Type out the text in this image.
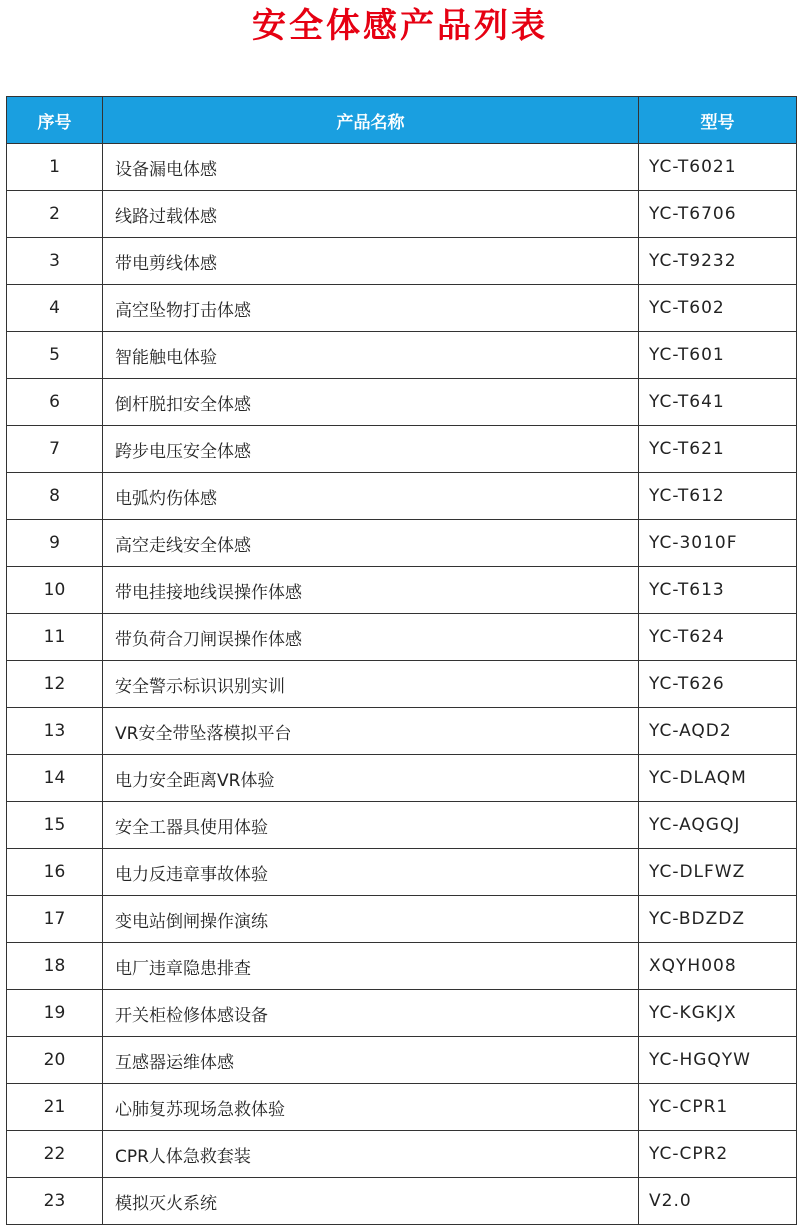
安全体感产品列表
序号	产品名称	型号
1	设备漏电体感	YC-T6021
2	线路过载体感	YC-T6706
3	带电剪线体感	YC-T9232
4	高空坠物打击体感	YC-T602
5	智能触电体验	YC-T601
6	倒杆脱扣安全体感	YC-T641
7	跨步电压安全体感	YC-T621
8	电弧灼伤体感	YC-T612
9	高空走线安全体感	YC-3010F
10	带电挂接地线误操作体感	YC-T613
11	带负荷合刀闸误操作体感	YC-T624
12	安全警示标识识别实训	YC-T626
13	VR安全带坠落模拟平台	YC-AQD2
14	电力安全距离VR体验	YC-DLAQM
15	安全工器具使用体验	YC-AQGQJ
16	电力反违章事故体验	YC-DLFWZ
17	变电站倒闸操作演练	YC-BDZDZ
18	电厂违章隐患排查	XQYH008
19	开关柜检修体感设备	YC-KGKJX
20	互感器运维体感	YC-HGQYW
21	心肺复苏现场急救体验	YC-CPR1
22	CPR人体急救套装	YC-CPR2
23	模拟灭火系统	V2.0
